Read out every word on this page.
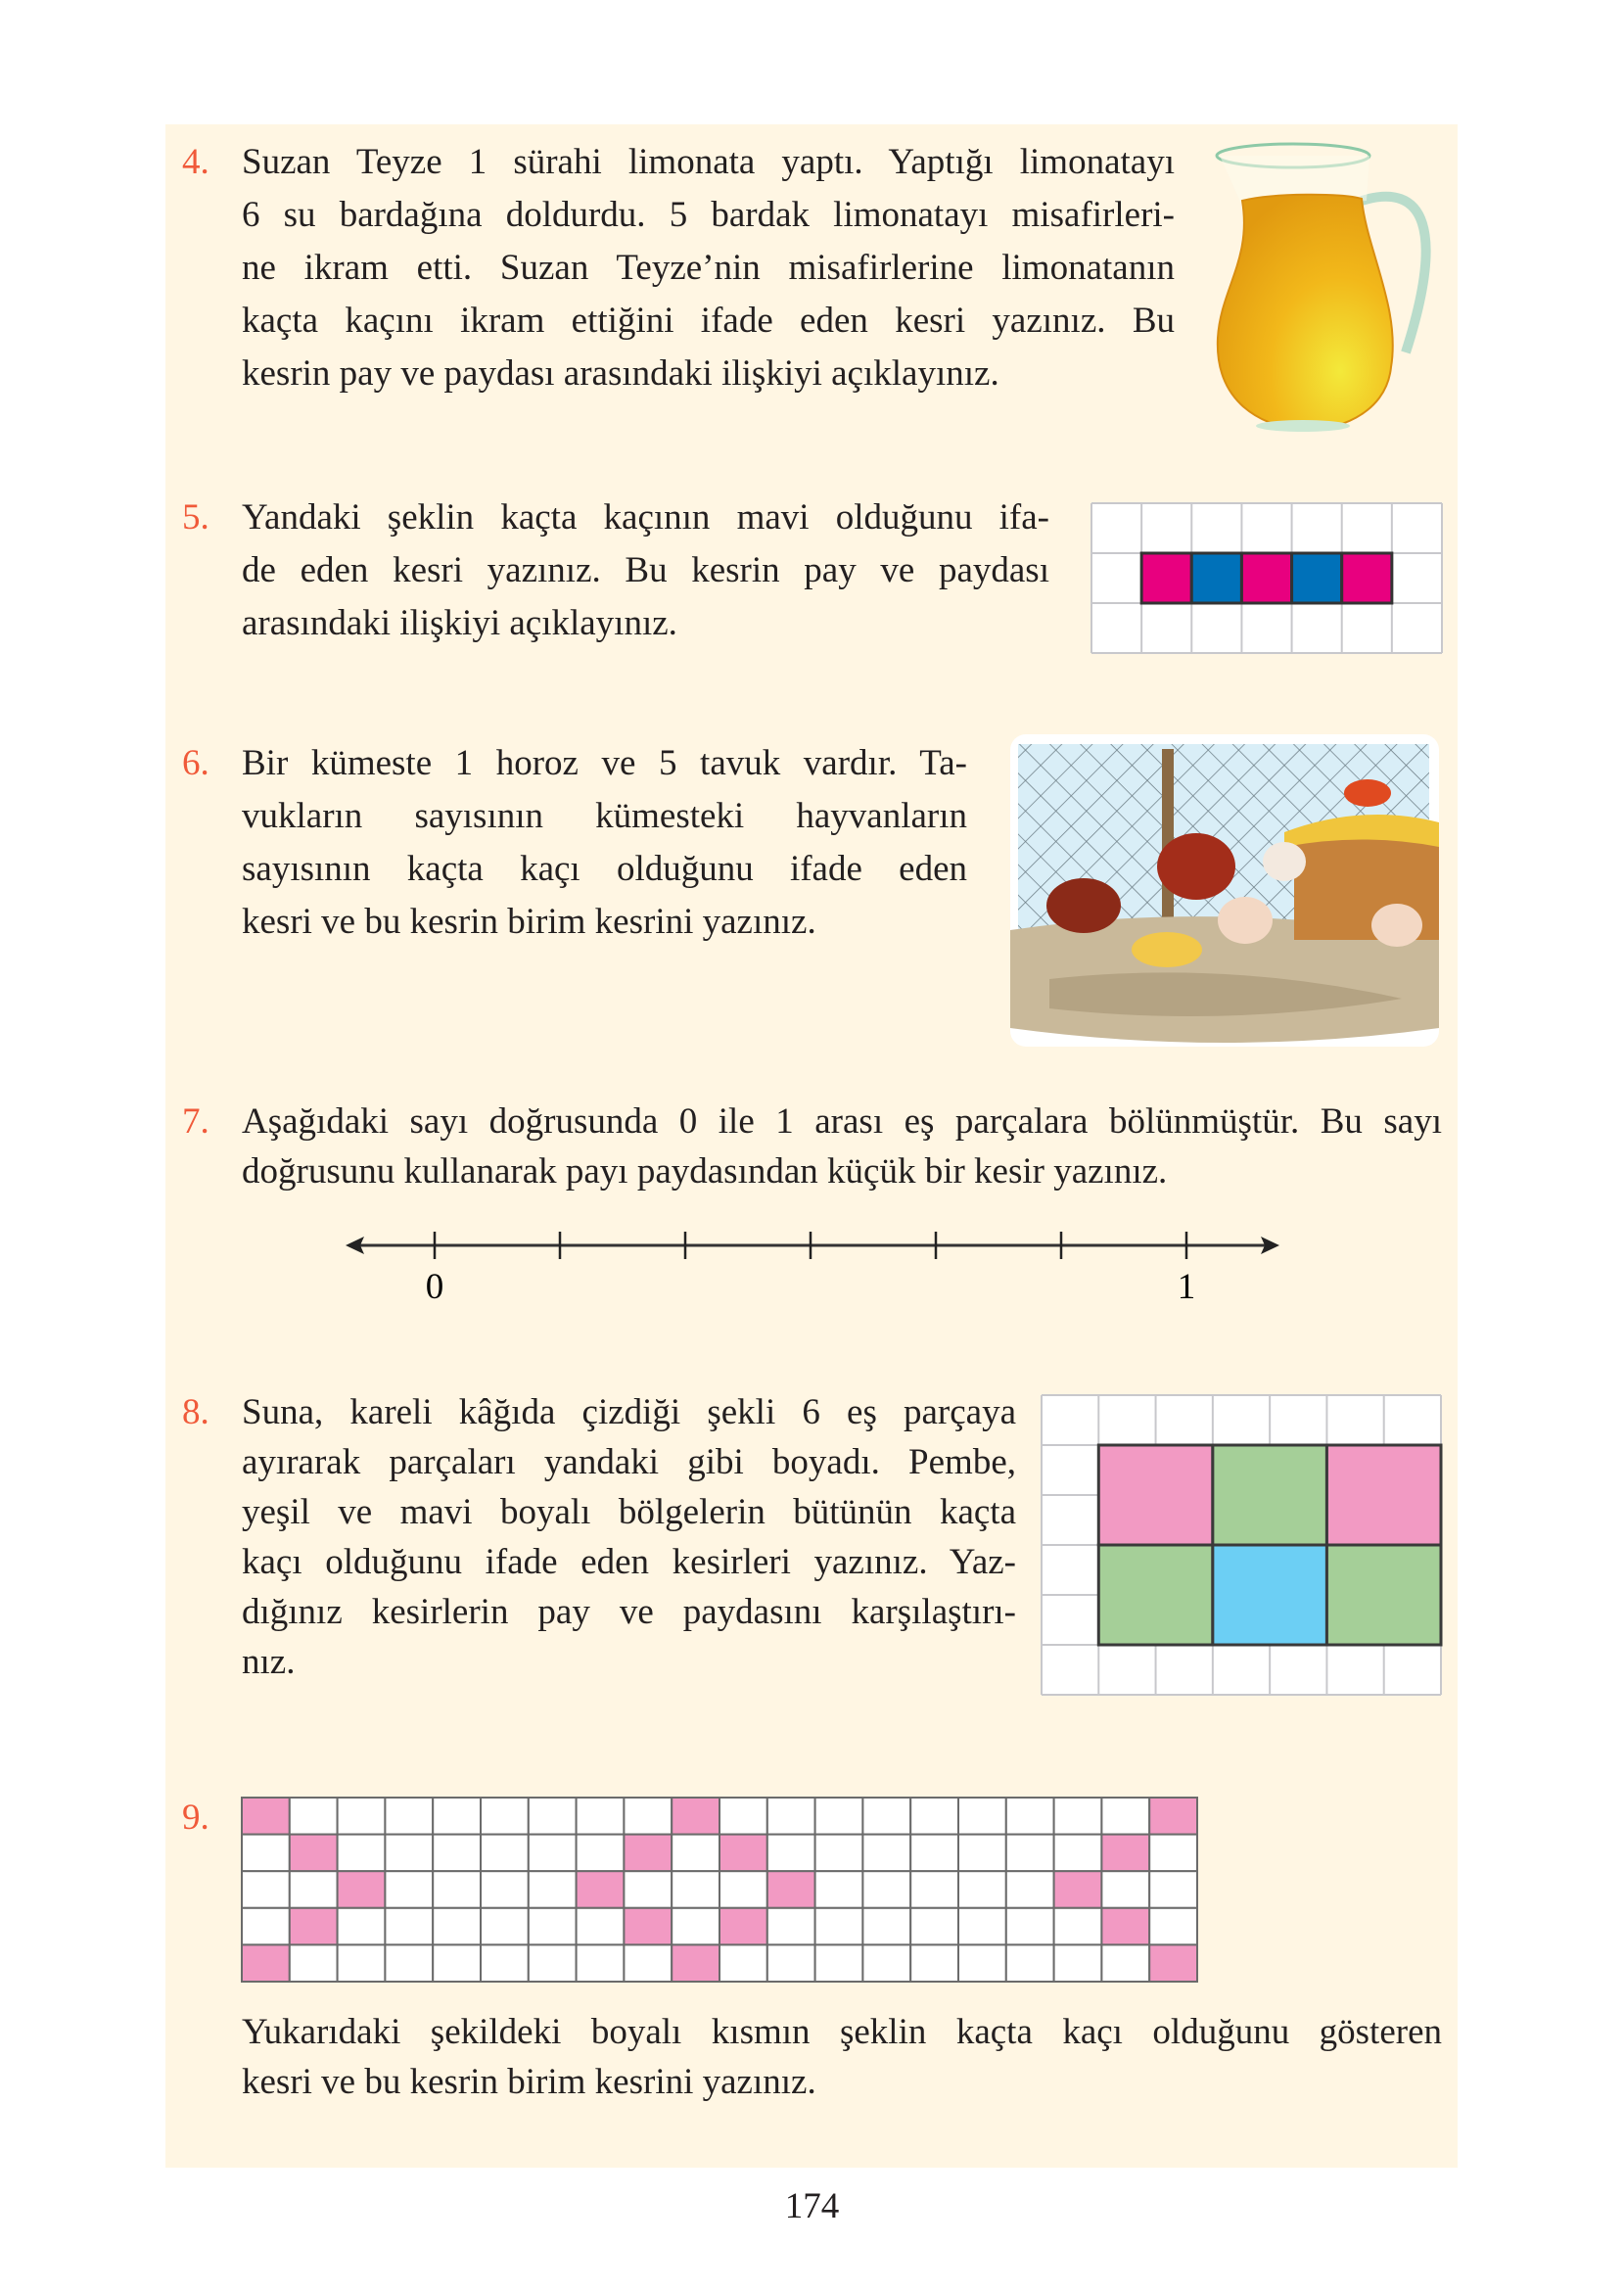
4. Suzan Teyze 1 sürahi limonata yaptı. Yaptığı limonatayı
6 su bardağına doldurdu. 5 bardak limonatayı misafirleri-
ne ikram etti. Suzan Teyze’nin misafirlerine limonatanın
kaçta kaçını ikram ettiğini ifade eden kesri yazınız. Bu
kesrin pay ve paydası arasındaki ilişkiyi açıklayınız.
5. Yandaki şeklin kaçta kaçının mavi olduğunu ifa-
de eden kesri yazınız. Bu kesrin pay ve paydası
arasındaki ilişkiyi açıklayınız.
6. Bir kümeste 1 horoz ve 5 tavuk vardır. Ta-
vukların sayısının kümesteki hayvanların
sayısının kaçta kaçı olduğunu ifade eden
kesri ve bu kesrin birim kesrini yazınız.
7. Aşağıdaki sayı doğrusunda 0 ile 1 arası eş parçalara bölünmüştür. Bu sayı
doğrusunu kullanarak payı paydasından küçük bir kesir yazınız.
0	1
8. Suna, kareli kâğıda çizdiği şekli 6 eş parçaya
ayırarak parçaları yandaki gibi boyadı. Pembe,
yeşil ve mavi boyalı bölgelerin bütünün kaçta
kaçı olduğunu ifade eden kesirleri yazınız. Yaz-
dığınız kesirlerin pay ve paydasını karşılaştırı-
nız.
9.
Yukarıdaki şekildeki boyalı kısmın şeklin kaçta kaçı olduğunu gösteren
kesri ve bu kesrin birim kesrini yazınız.
174
